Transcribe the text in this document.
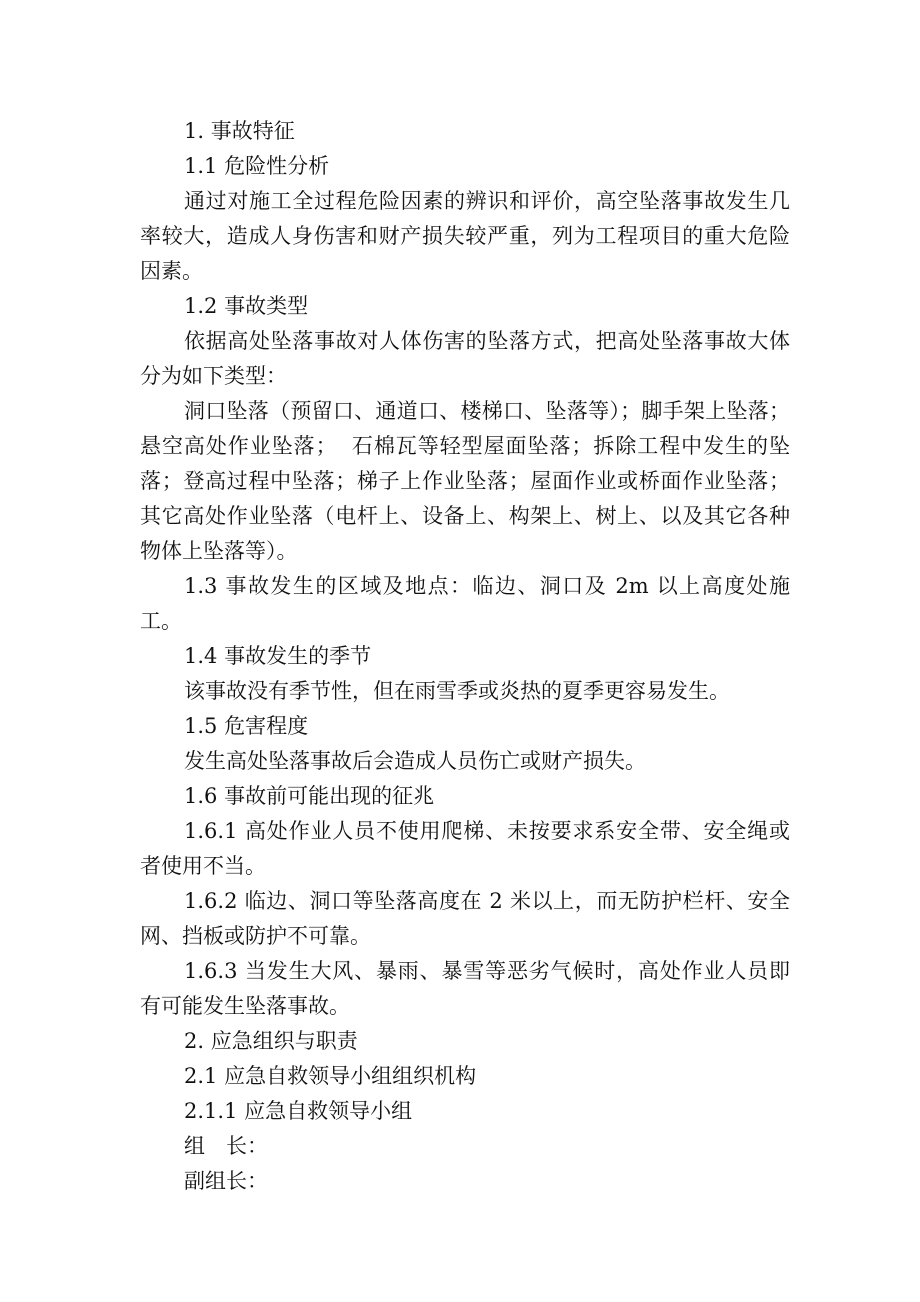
1. 事故特征

1.1 危险性分析

通过对施工全过程危险因素的辨识和评价，高空坠落事故发生几率较大，造成人身伤害和财产损失较严重，列为工程项目的重大危险因素。

1.2 事故类型

依据高处坠落事故对人体伤害的坠落方式，把高处坠落事故大体分为如下类型：

洞口坠落（预留口、通道口、楼梯口、坠落等）；脚手架上坠落；悬空高处作业坠落；  石棉瓦等轻型屋面坠落；拆除工程中发生的坠落；登高过程中坠落；梯子上作业坠落；屋面作业或桥面作业坠落；其它高处作业坠落（电杆上、设备上、构架上、树上、以及其它各种物体上坠落等）。

1.3 事故发生的区域及地点：临边、洞口及 2m 以上高度处施工。

1.4 事故发生的季节

该事故没有季节性，但在雨雪季或炎热的夏季更容易发生。

1.5 危害程度

发生高处坠落事故后会造成人员伤亡或财产损失。

1.6 事故前可能出现的征兆

1.6.1 高处作业人员不使用爬梯、未按要求系安全带、安全绳或者使用不当。

1.6.2 临边、洞口等坠落高度在 2 米以上，而无防护栏杆、安全网、挡板或防护不可靠。

1.6.3 当发生大风、暴雨、暴雪等恶劣气候时，高处作业人员即有可能发生坠落事故。

2. 应急组织与职责

2.1 应急自救领导小组组织机构

2.1.1 应急自救领导小组

组　长：

副组长：
